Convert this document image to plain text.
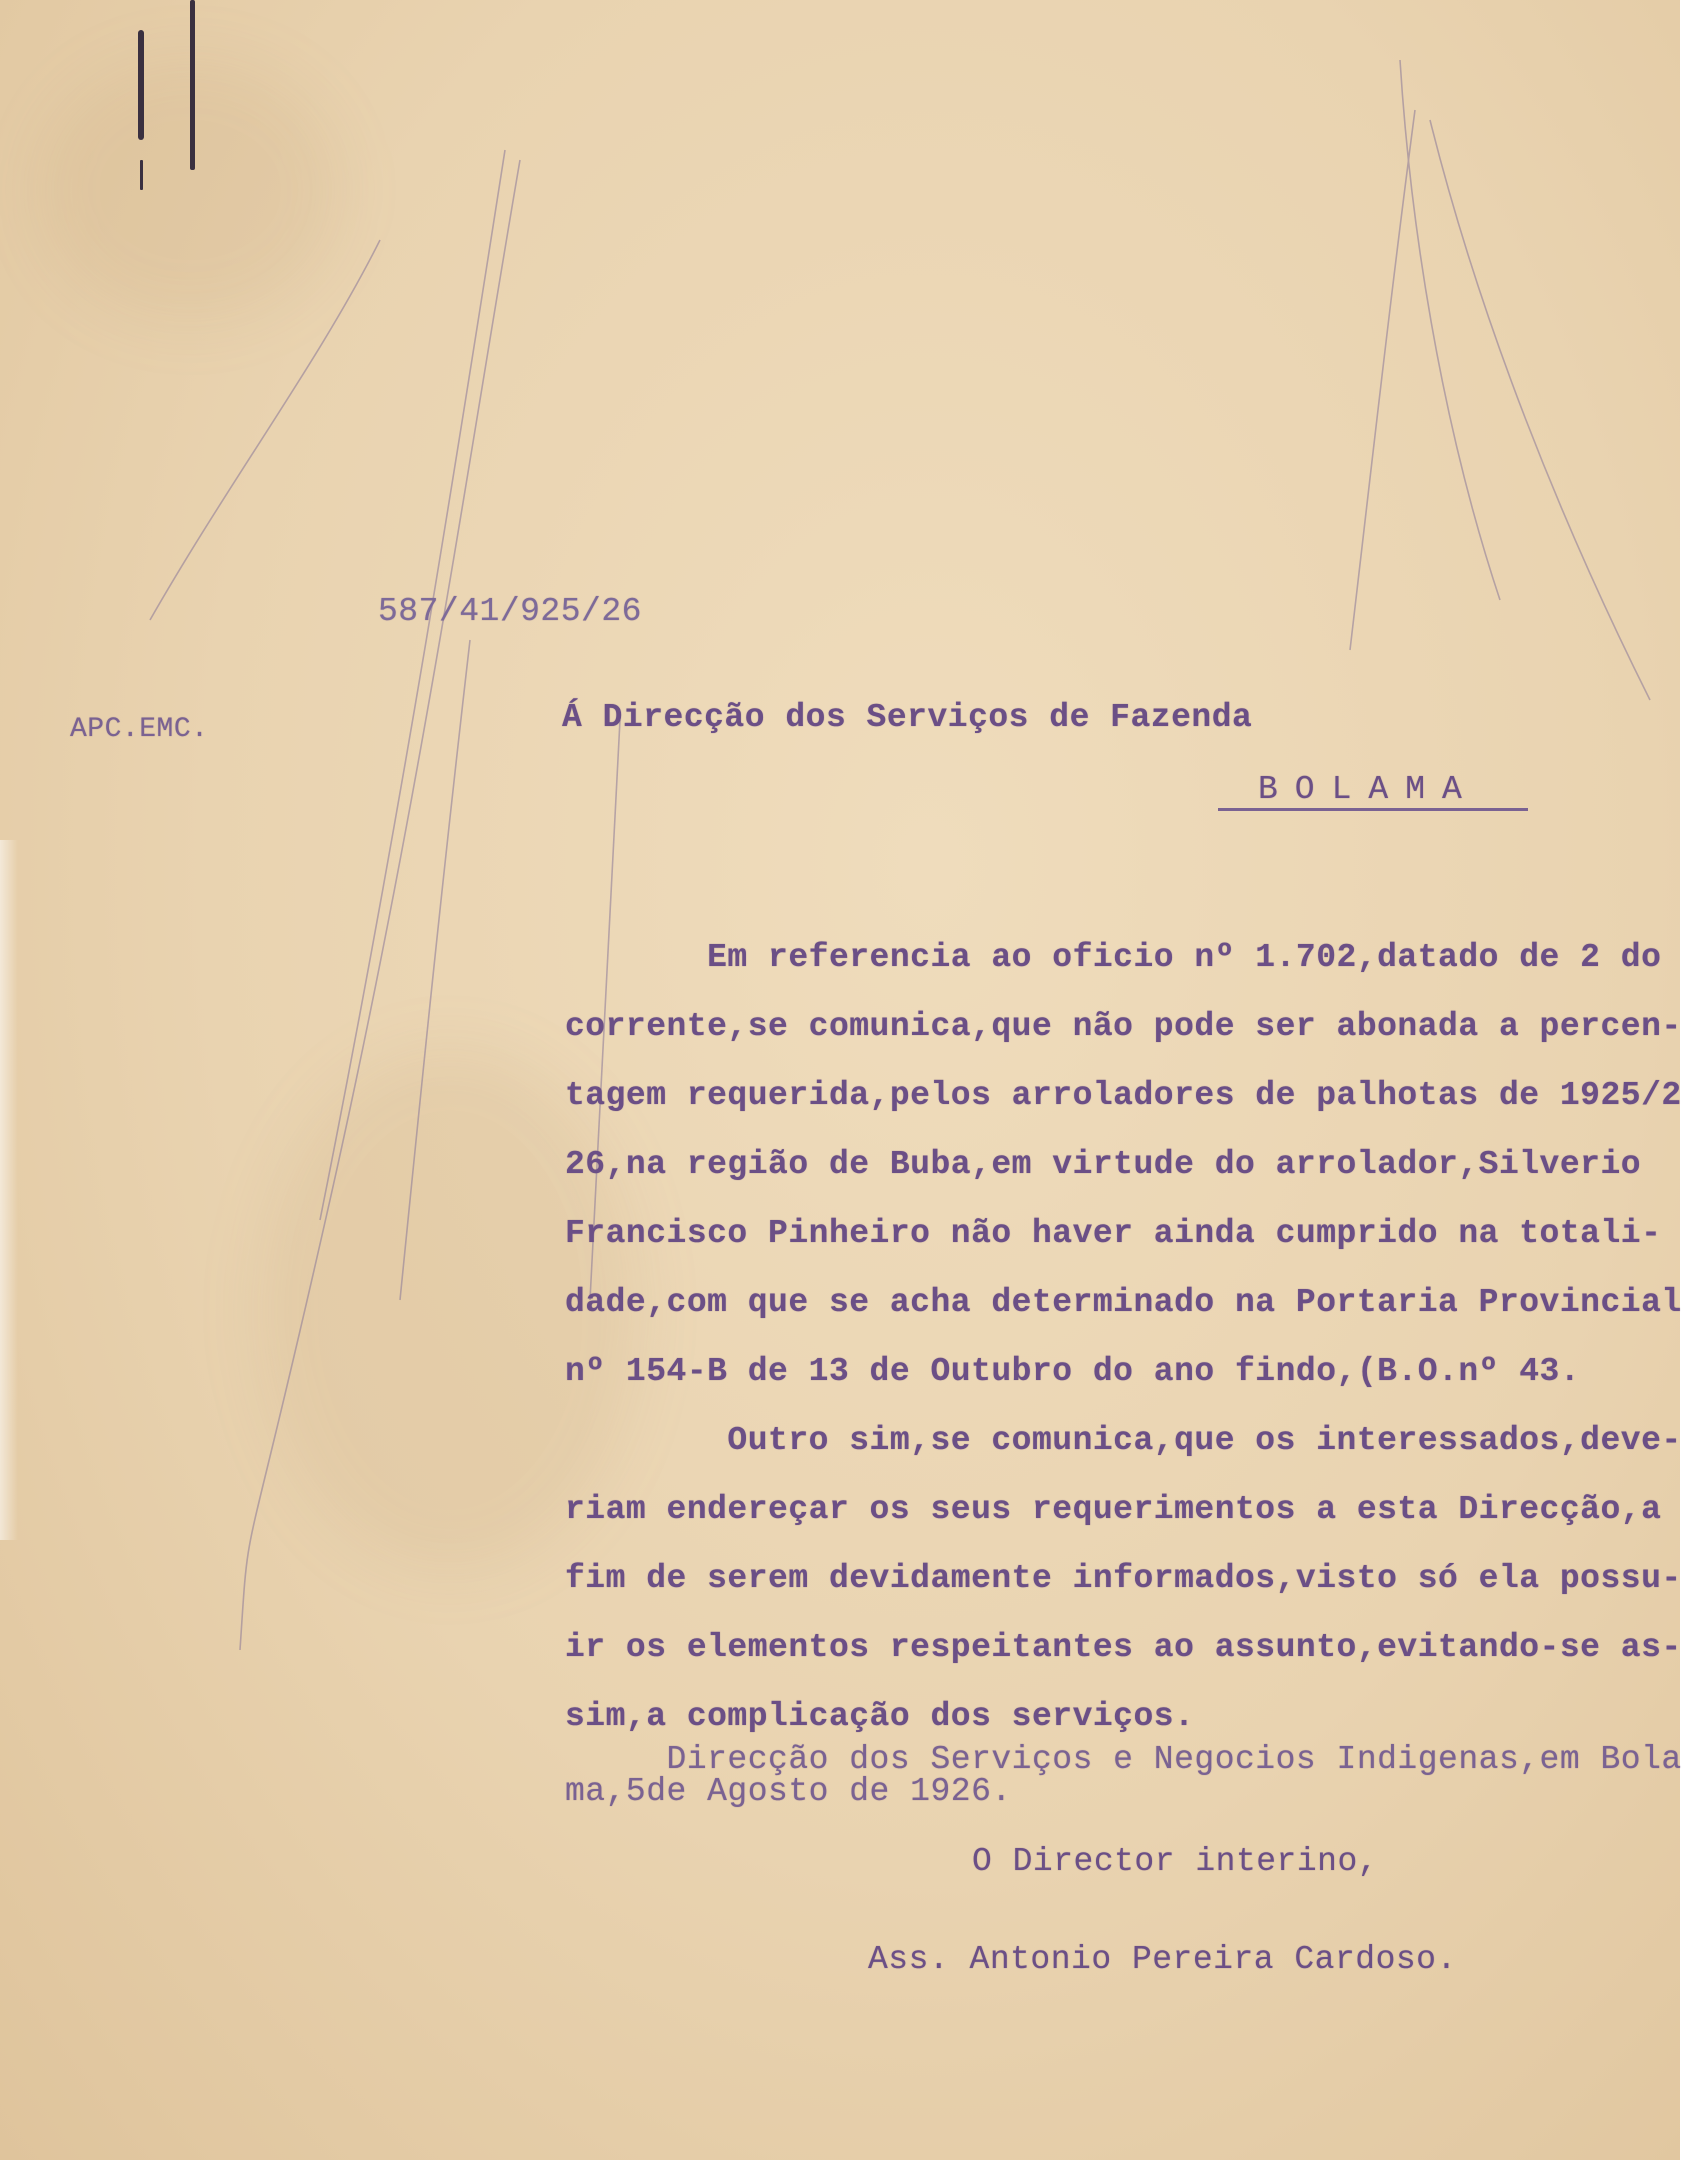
587/41/925/26
APC.EMC.	Á Direcção dos Serviços de Fazenda
BOLAMA
Em referencia ao oficio nº 1.702,datado de 2 do
corrente,se comunica,que não pode ser abonada a percen-
tagem requerida,pelos arroladores de palhotas de 1925/2
26,na região de Buba,em virtude do arrolador,Silverio
Francisco Pinheiro não haver ainda cumprido na totali-
dade,com que se acha determinado na Portaria Provincial
nº 154-B de 13 de Outubro do ano findo,(B.O.nº 43.
Outro sim,se comunica,que os interessados,deve-
riam endereçar os seus requerimentos a esta Direcção,a
fim de serem devidamente informados,visto só ela possu-
ir os elementos respeitantes ao assunto,evitando-se as-
sim,a complicação dos serviços.
Direcção dos Serviços e Negocios Indigenas,em Bola
ma,5de Agosto de 1926.
O Director interino,
Ass. Antonio Pereira Cardoso.
